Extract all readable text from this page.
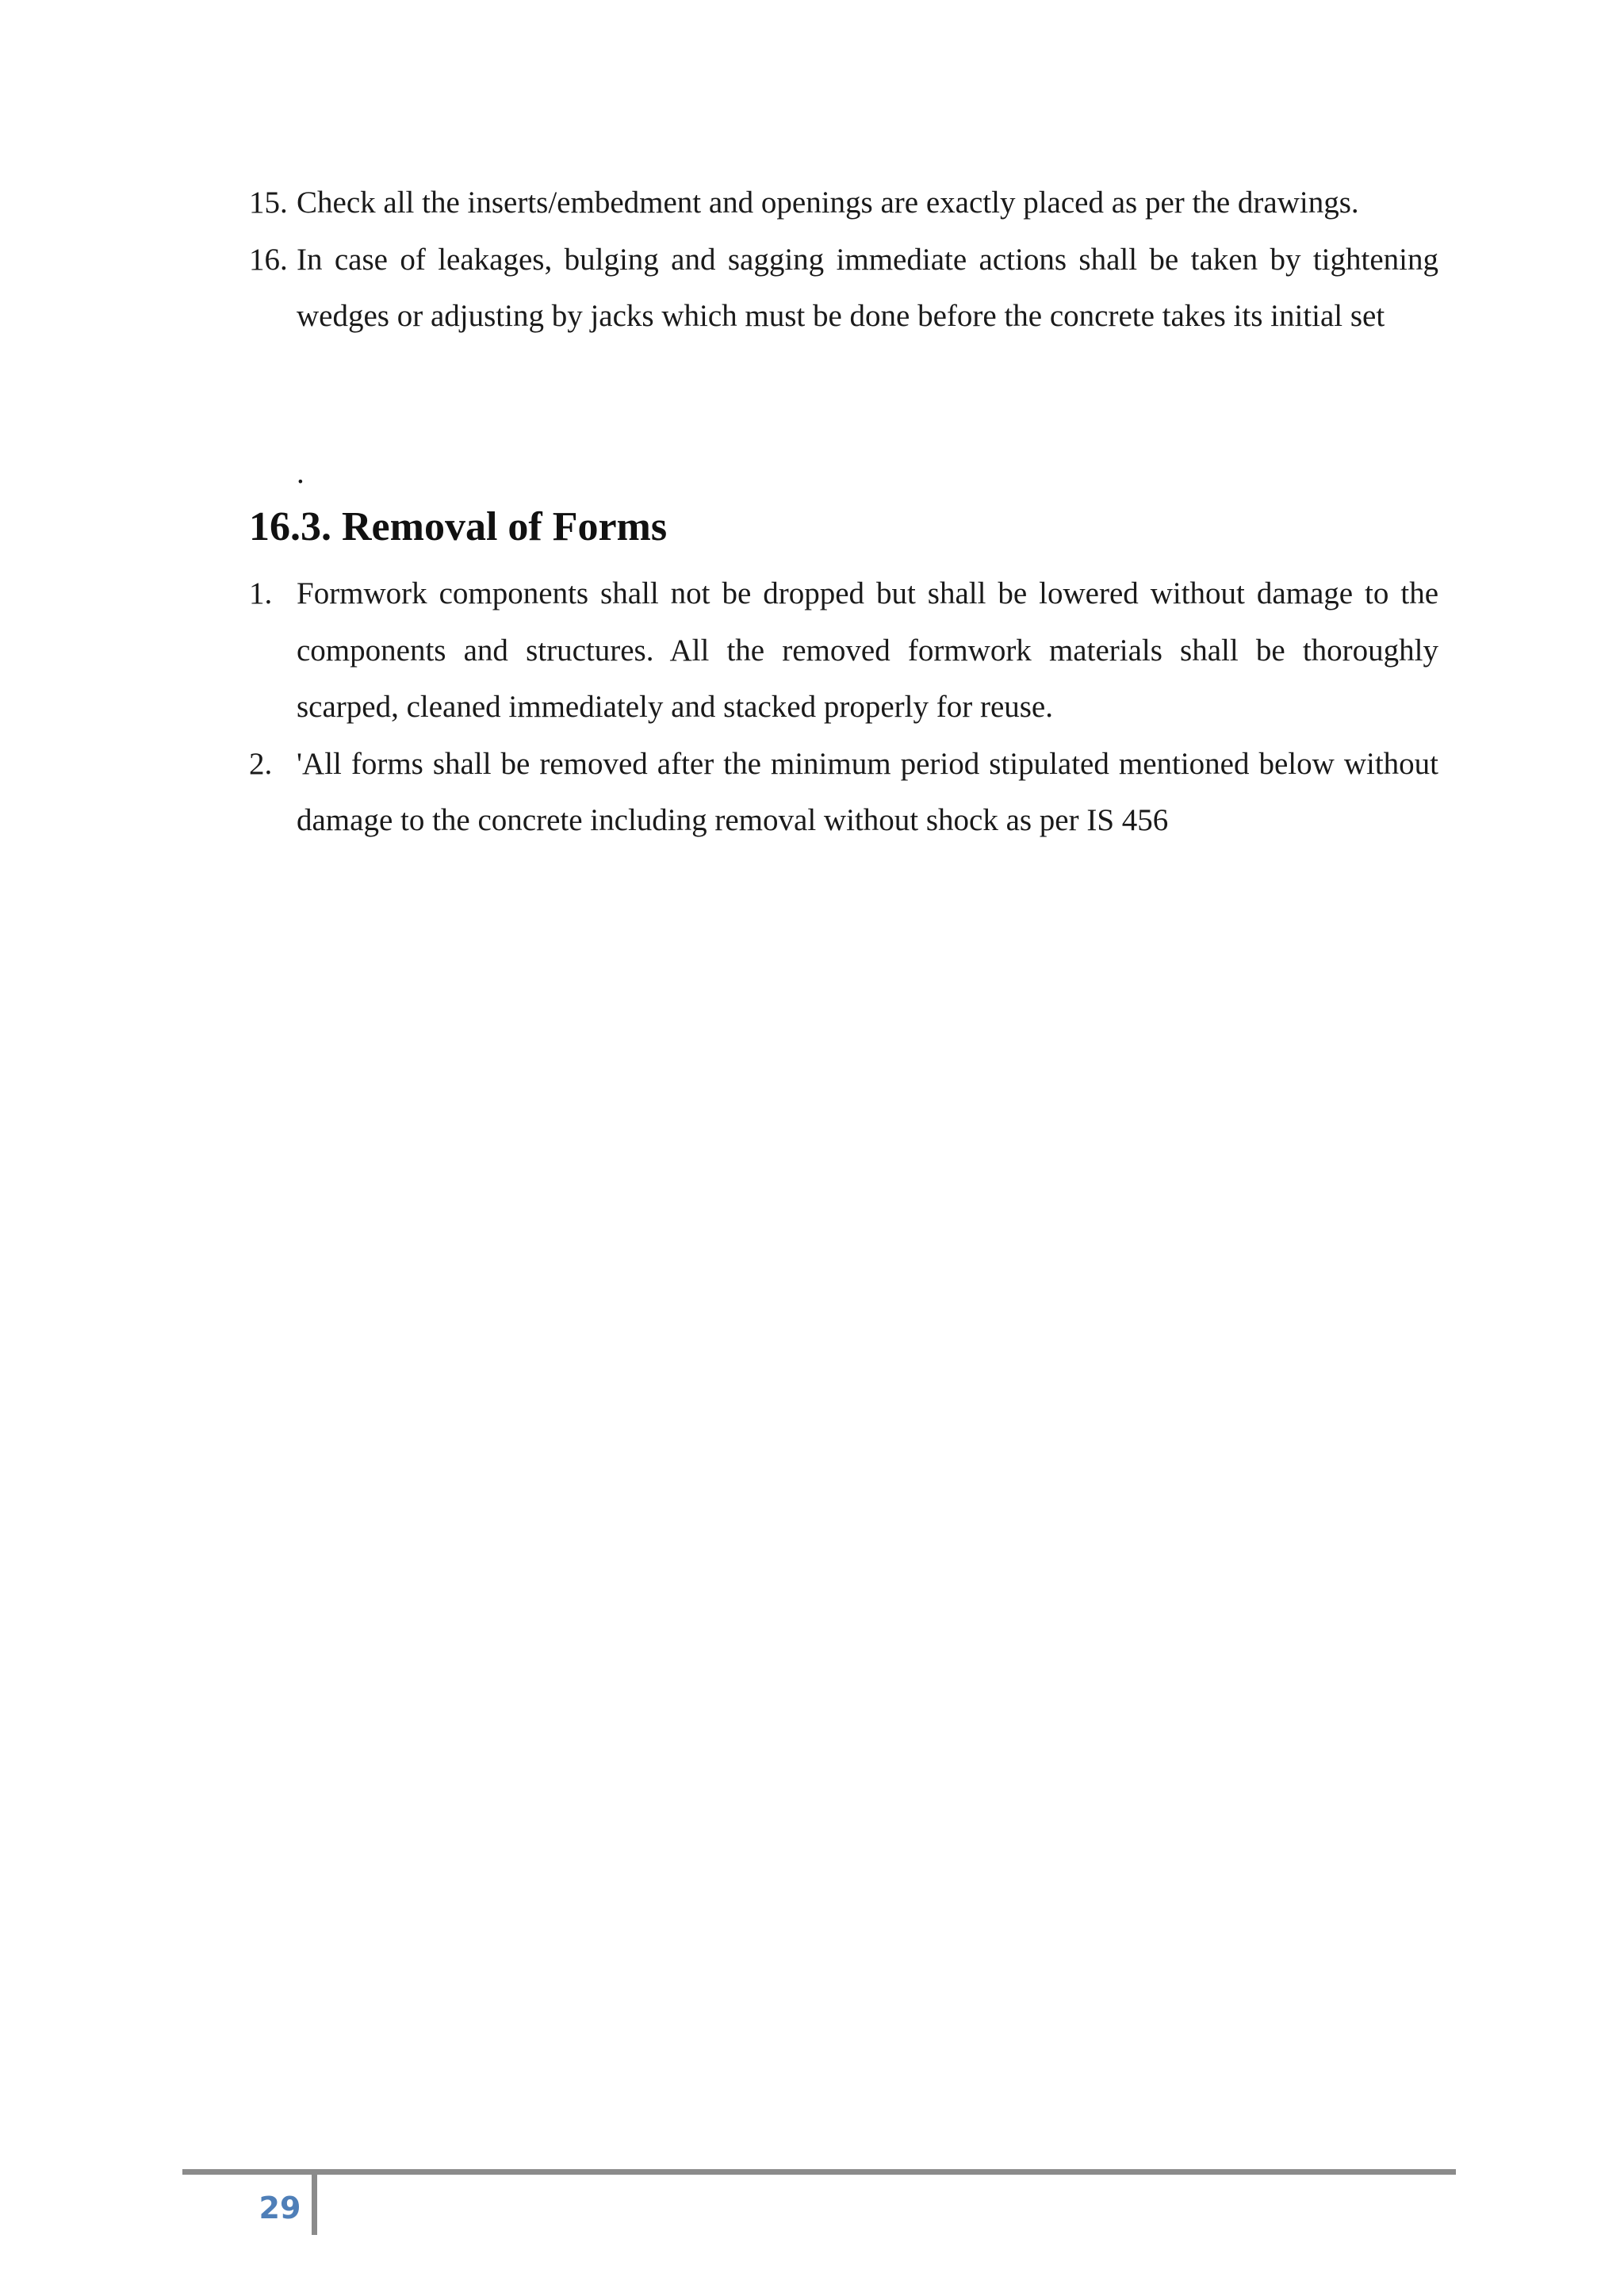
15. Check all the inserts/embedment and openings are exactly placed as per the drawings.
16. In case of leakages, bulging and sagging immediate actions shall be taken by tightening wedges or adjusting by jacks which must be done before the concrete takes its initial set
.
16.3. Removal of Forms
1. Formwork components shall not be dropped but shall be lowered without damage to the components and structures. All the removed formwork materials shall be thoroughly scarped, cleaned immediately and stacked properly for reuse.
2. 'All forms shall be removed after the minimum period stipulated mentioned below without damage to the concrete including removal without shock as per IS 456
29
